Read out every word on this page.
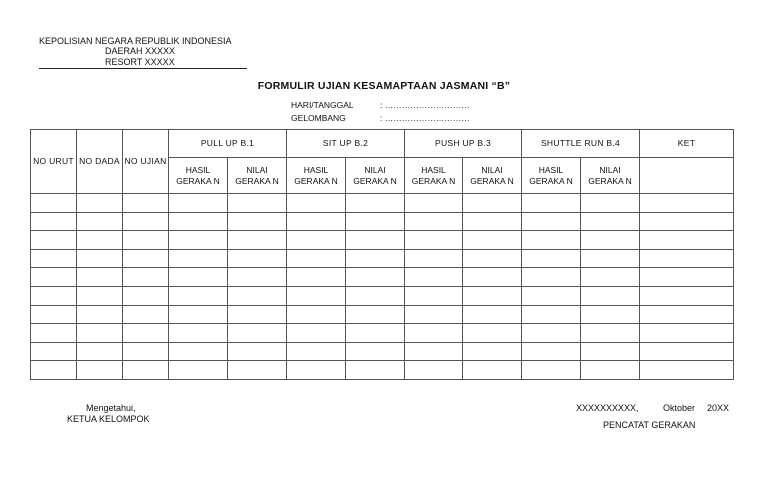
KEPOLISIAN NEGARA REPUBLIK INDONESIA
DAERAH XXXXX
RESORT XXXXX
FORMULIR UJIAN KESAMAPTAAN JASMANI “B”
HARI/TANGGAL	: …………………………
GELOMBANG	: …………………………
NO URUT	NO DADA	NO UJIAN	PULL UP B.1		SIT UP B.2		PUSH UP B.3		SHUTTLE RUN B.4		KET
			HASIL GERAKA N	NILAI GERAKA N	HASIL GERAKA N	NILAI GERAKA N	HASIL GERAKA N	NILAI GERAKA N	HASIL GERAKA N	NILAI GERAKA N	

Mengetahui,
KETUA KELOMPOK
XXXXXXXXXX,	Oktober 20XX
PENCATAT GERAKAN
